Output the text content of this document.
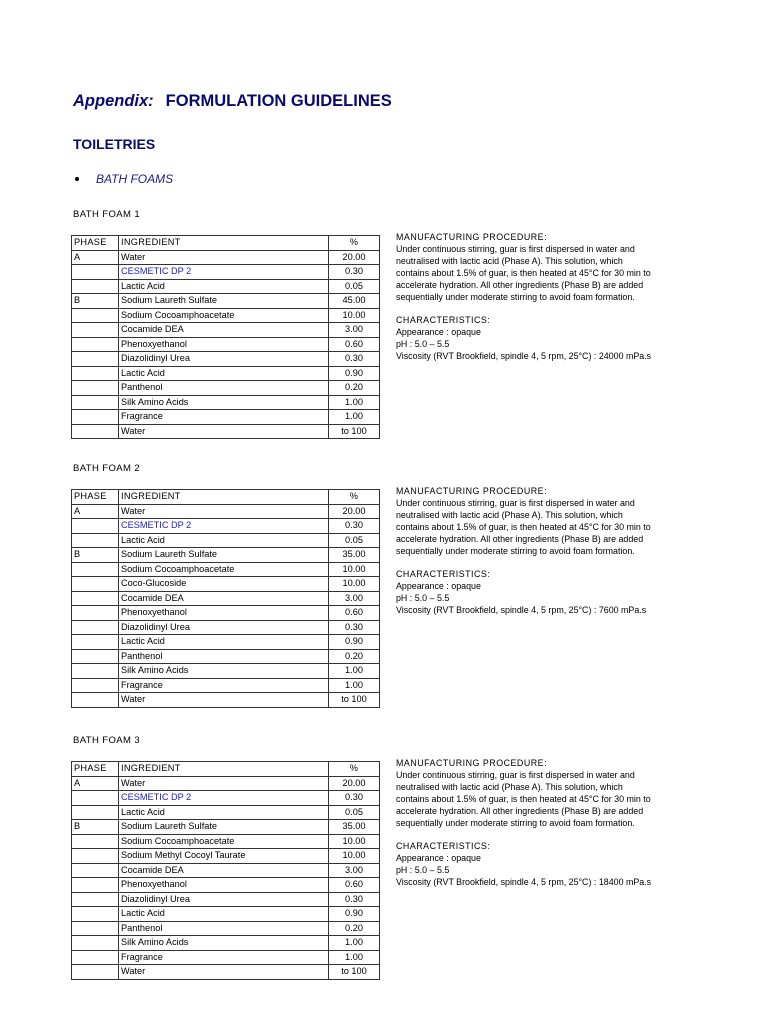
Appendix: FORMULATION GUIDELINES
TOILETRIES
BATH FOAMS
BATH FOAM 1
PHASE	INGREDIENT	%
A	Water	20.00
	CESMETIC DP 2	0.30
	Lactic Acid	0.05
B	Sodium Laureth Sulfate	45.00
	Sodium Cocoamphoacetate	10.00
	Cocamide DEA	3.00
	Phenoxyethanol	0.60
	Diazolidinyl Urea	0.30
	Lactic Acid	0.90
	Panthenol	0.20
	Silk Amino Acids	1.00
	Fragrance	1.00
	Water	to 100
MANUFACTURING PROCEDURE:
Under continuous stirring, guar is first dispersed in water and
neutralised with lactic acid (Phase A). This solution, which
contains about 1.5% of guar, is then heated at 45°C for 30 min to
accelerate hydration. All other ingredients (Phase B) are added
sequentially under moderate stirring to avoid foam formation.
CHARACTERISTICS:
Appearance : opaque
pH : 5.0 – 5.5
Viscosity (RVT Brookfield, spindle 4, 5 rpm, 25°C) : 24000 mPa.s
BATH FOAM 2
PHASE	INGREDIENT	%
A	Water	20.00
	CESMETIC DP 2	0.30
	Lactic Acid	0.05
B	Sodium Laureth Sulfate	35.00
	Sodium Cocoamphoacetate	10.00
	Coco-Glucoside	10.00
	Cocamide DEA	3.00
	Phenoxyethanol	0.60
	Diazolidinyl Urea	0.30
	Lactic Acid	0.90
	Panthenol	0.20
	Silk Amino Acids	1.00
	Fragrance	1.00
	Water	to 100
MANUFACTURING PROCEDURE:
Under continuous stirring, guar is first dispersed in water and
neutralised with lactic acid (Phase A). This solution, which
contains about 1.5% of guar, is then heated at 45°C for 30 min to
accelerate hydration. All other ingredients (Phase B) are added
sequentially under moderate stirring to avoid foam formation.
CHARACTERISTICS:
Appearance : opaque
pH : 5.0 – 5.5
Viscosity (RVT Brookfield, spindle 4, 5 rpm, 25°C) : 7600 mPa.s
BATH FOAM 3
PHASE	INGREDIENT	%
A	Water	20.00
	CESMETIC DP 2	0.30
	Lactic Acid	0.05
B	Sodium Laureth Sulfate	35.00
	Sodium Cocoamphoacetate	10.00
	Sodium Methyl Cocoyl Taurate	10.00
	Cocamide DEA	3.00
	Phenoxyethanol	0.60
	Diazolidinyl Urea	0.30
	Lactic Acid	0.90
	Panthenol	0.20
	Silk Amino Acids	1.00
	Fragrance	1.00
	Water	to 100
MANUFACTURING PROCEDURE:
Under continuous stirring, guar is first dispersed in water and
neutralised with lactic acid (Phase A). This solution, which
contains about 1.5% of guar, is then heated at 45°C for 30 min to
accelerate hydration. All other ingredients (Phase B) are added
sequentially under moderate stirring to avoid foam formation.
CHARACTERISTICS:
Appearance : opaque
pH : 5.0 – 5.5
Viscosity (RVT Brookfield, spindle 4, 5 rpm, 25°C) : 18400 mPa.s
